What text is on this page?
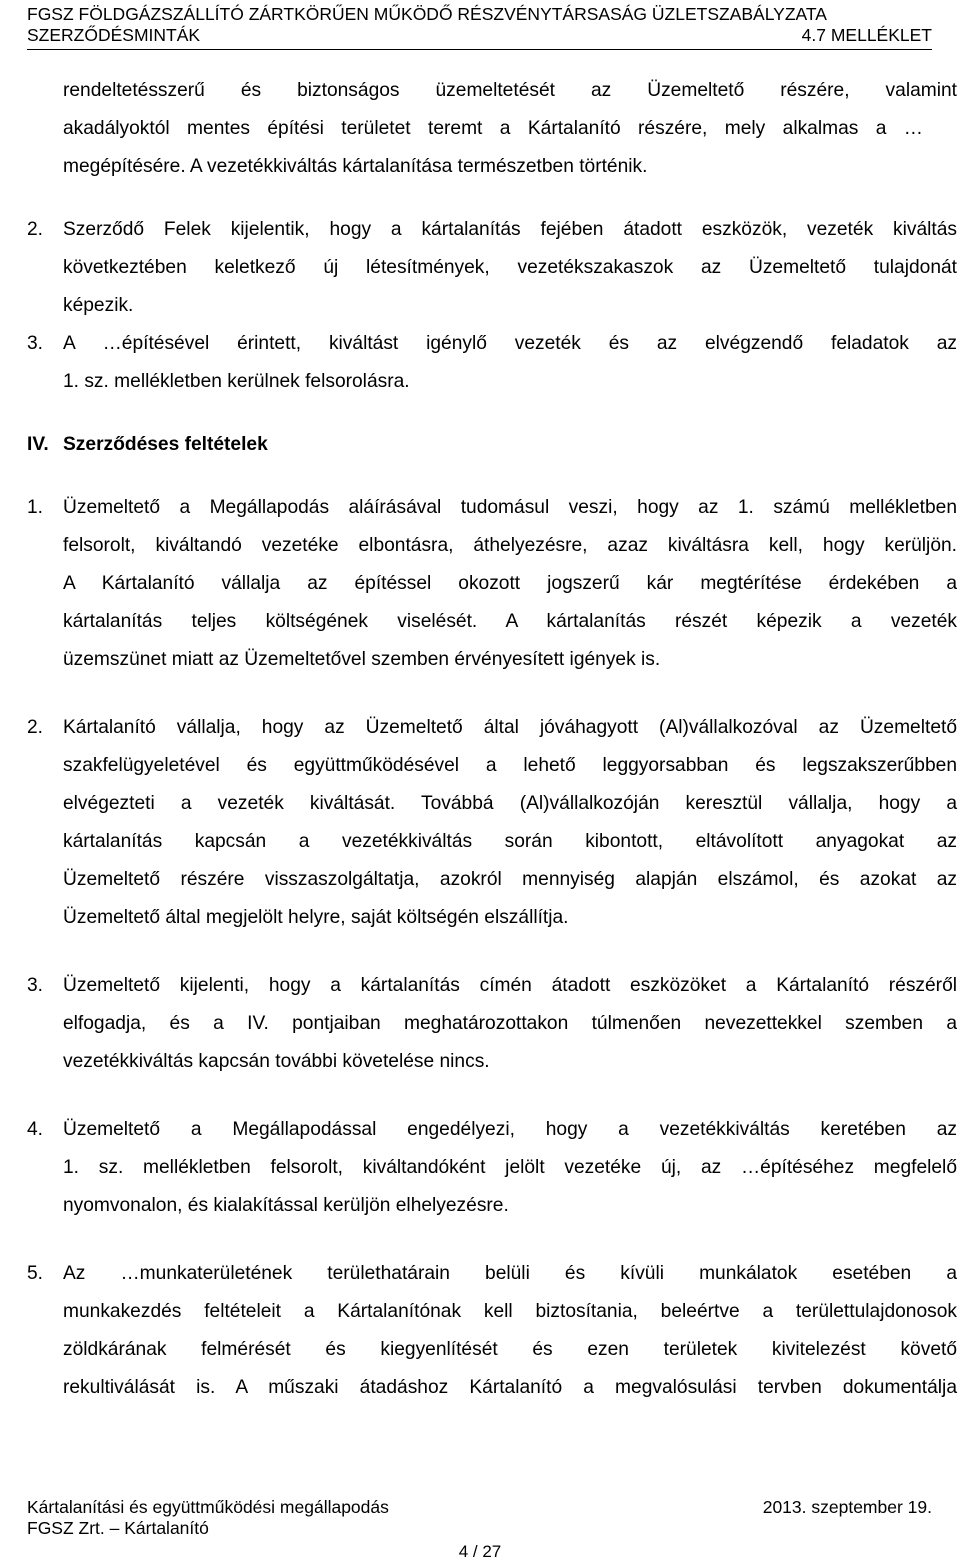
FGSZ FÖLDGÁZSZÁLLÍTÓ ZÁRTKÖRŰEN MŰKÖDŐ RÉSZVÉNYTÁRSASÁG ÜZLETSZABÁLYZATA
SZERZŐDÉSMINTÁK	4.7 MELLÉKLET
rendeltetésszerű és biztonságos üzemeltetését az Üzemeltető részére, valamint
akadályoktól mentes építési területet teremt a Kártalanító részére, mely alkalmas a …
megépítésére. A vezetékkiváltás kártalanítása természetben történik.
2. Szerződő Felek kijelentik, hogy a kártalanítás fejében átadott eszközök, vezeték kiváltás
következtében keletkező új létesítmények, vezetékszakaszok az Üzemeltető tulajdonát
képezik.
3. A …építésével érintett, kiváltást igénylő vezeték és az elvégzendő feladatok az
1. sz. mellékletben kerülnek felsorolásra.
IV. Szerződéses feltételek
1. Üzemeltető a Megállapodás aláírásával tudomásul veszi, hogy az 1. számú mellékletben
felsorolt, kiváltandó vezetéke elbontásra, áthelyezésre, azaz kiváltásra kell, hogy kerüljön.
A Kártalanító vállalja az építéssel okozott jogszerű kár megtérítése érdekében a
kártalanítás teljes költségének viselését. A kártalanítás részét képezik a vezeték
üzemszünet miatt az Üzemeltetővel szemben érvényesített igények is.
2. Kártalanító vállalja, hogy az Üzemeltető által jóváhagyott (Al)vállalkozóval az Üzemeltető
szakfelügyeletével és együttműködésével a lehető leggyorsabban és legszakszerűbben
elvégezteti a vezeték kiváltását. Továbbá (Al)vállalkozóján keresztül vállalja, hogy a
kártalanítás kapcsán a vezetékkiváltás során kibontott, eltávolított anyagokat az
Üzemeltető részére visszaszolgáltatja, azokról mennyiség alapján elszámol, és azokat az
Üzemeltető által megjelölt helyre, saját költségén elszállítja.
3. Üzemeltető kijelenti, hogy a kártalanítás címén átadott eszközöket a Kártalanító részéről
elfogadja, és a IV. pontjaiban meghatározottakon túlmenően nevezettekkel szemben a
vezetékkiváltás kapcsán további követelése nincs.
4. Üzemeltető a Megállapodással engedélyezi, hogy a vezetékkiváltás keretében az
1. sz. mellékletben felsorolt, kiváltandóként jelölt vezetéke új, az …építéséhez megfelelő
nyomvonalon, és kialakítással kerüljön elhelyezésre.
5. Az …munkaterületének területhatárain belüli és kívüli munkálatok esetében a
munkakezdés feltételeit a Kártalanítónak kell biztosítania, beleértve a területtulajdonosok
zöldkárának felmérését és kiegyenlítését és ezen területek kivitelezést követő
rekultiválását is. A műszaki átadáshoz Kártalanító a megvalósulási tervben dokumentálja
Kártalanítási és együttműködési megállapodás	2013. szeptember 19.
FGSZ Zrt. – Kártalanító
4 / 27
